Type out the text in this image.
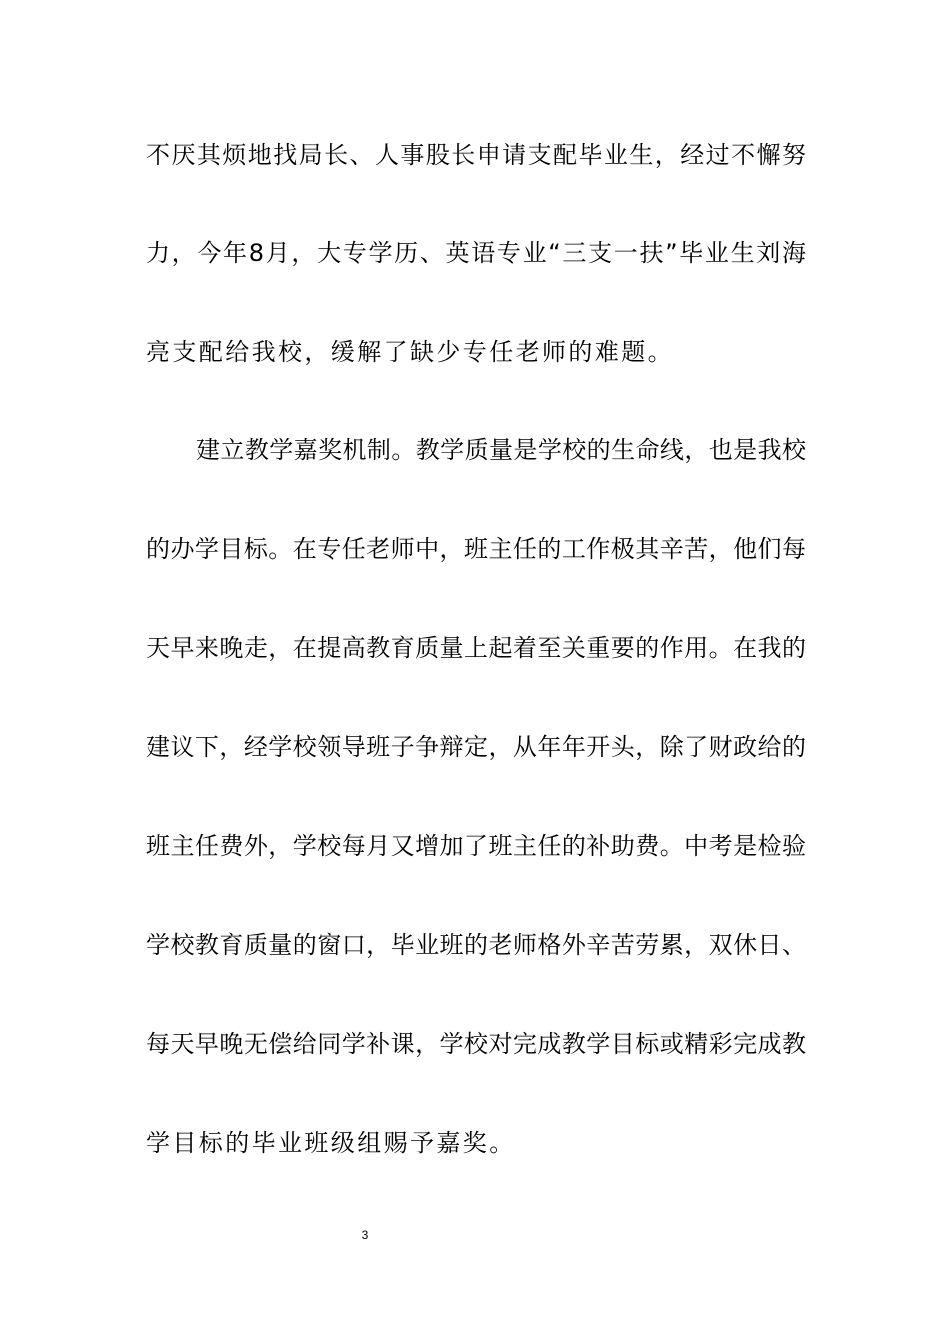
不厌其烦地找局长、人事股长申请支配毕业生，经过不懈努
力，今年8月，大专学历、英语专业“三支一扶”毕业生刘海
亮支配给我校，缓解了缺少专任老师的难题。
建立教学嘉奖机制。教学质量是学校的生命线，也是我校
的办学目标。在专任老师中，班主任的工作极其辛苦，他们每
天早来晚走，在提高教育质量上起着至关重要的作用。在我的
建议下，经学校领导班子争辩定，从年年开头，除了财政给的
班主任费外，学校每月又增加了班主任的补助费。中考是检验
学校教育质量的窗口，毕业班的老师格外辛苦劳累，双休日、
每天早晚无偿给同学补课，学校对完成教学目标或精彩完成教
学目标的毕业班级组赐予嘉奖。
3
